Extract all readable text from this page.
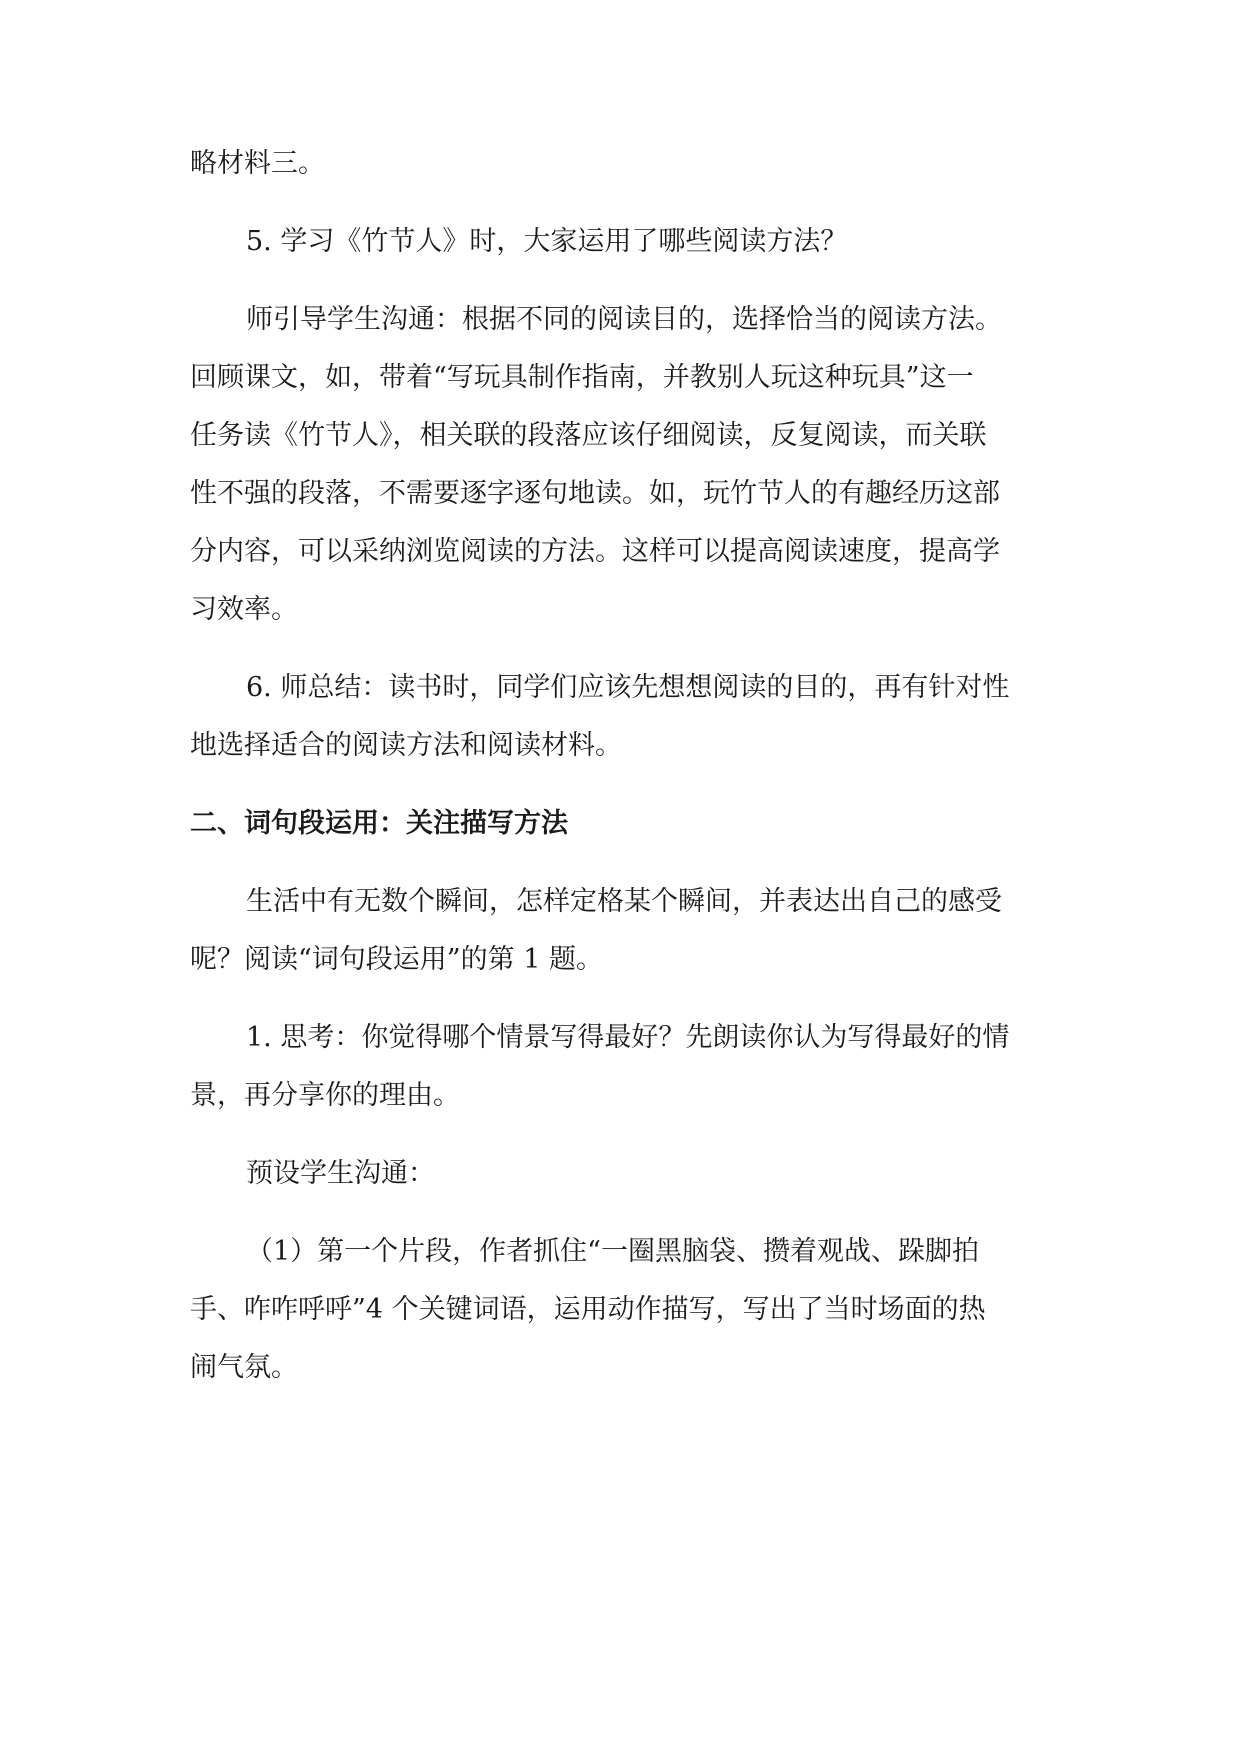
略材料三。
5. 学习《竹节人》时，大家运用了哪些阅读方法？
师引导学生沟通：根据不同的阅读目的，选择恰当的阅读方法。
回顾课文，如，带着“写玩具制作指南，并教别人玩这种玩具”这一
任务读《竹节人》，相关联的段落应该仔细阅读，反复阅读，而关联
性不强的段落，不需要逐字逐句地读。如，玩竹节人的有趣经历这部
分内容，可以采纳浏览阅读的方法。这样可以提高阅读速度，提高学
习效率。
6. 师总结：读书时，同学们应该先想想阅读的目的，再有针对性
地选择适合的阅读方法和阅读材料。
二、词句段运用：关注描写方法
生活中有无数个瞬间，怎样定格某个瞬间，并表达出自己的感受
呢？阅读“词句段运用”的第 1 题。
1. 思考：你觉得哪个情景写得最好？先朗读你认为写得最好的情
景，再分享你的理由。
预设学生沟通：
（1）第一个片段，作者抓住“一圈黑脑袋、攒着观战、跺脚拍
手、咋咋呼呼”4 个关键词语，运用动作描写，写出了当时场面的热
闹气氛。
